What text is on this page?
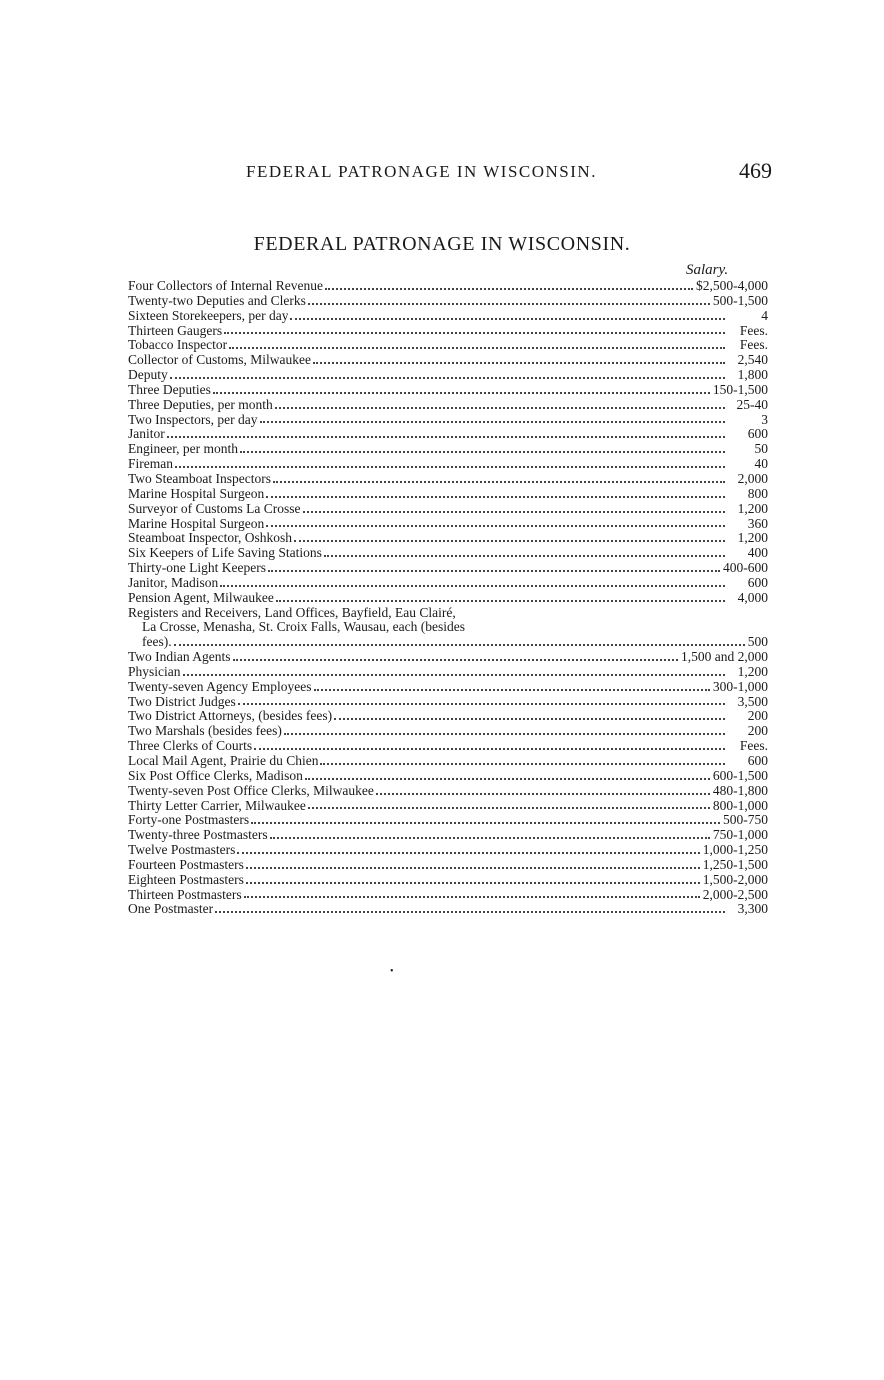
FEDERAL PATRONAGE IN WISCONSIN.	469
FEDERAL PATRONAGE IN WISCONSIN.
Salary.
Four Collectors of Internal Revenue	$2,500-4,000
Twenty-two Deputies and Clerks	500-1,500
Sixteen Storekeepers, per day	4
Thirteen Gaugers	Fees.
Tobacco Inspector	Fees.
Collector of Customs, Milwaukee	2,540
Deputy	1,800
Three Deputies	150-1,500
Three Deputies, per month	25-40
Two Inspectors, per day	3
Janitor	600
Engineer, per month	50
Fireman	40
Two Steamboat Inspectors	2,000
Marine Hospital Surgeon	800
Surveyor of Customs La Crosse	1,200
Marine Hospital Surgeon	360
Steamboat Inspector, Oshkosh	1,200
Six Keepers of Life Saving Stations	400
Thirty-one Light Keepers	400-600
Janitor, Madison	600
Pension Agent, Milwaukee	4,000
Registers and Receivers, Land Offices, Bayfield, Eau Clairé,
La Crosse, Menasha, St. Croix Falls, Wausau, each (besides
fees).	500
Two Indian Agents	1,500 and 2,000
Physician	1,200
Twenty-seven Agency Employees	300-1,000
Two District Judges	3,500
Two District Attorneys, (besides fees)	200
Two Marshals (besides fees)	200
Three Clerks of Courts	Fees.
Local Mail Agent, Prairie du Chien	600
Six Post Office Clerks, Madison	600-1,500
Twenty-seven Post Office Clerks, Milwaukee	480-1,800
Thirty Letter Carrier, Milwaukee	800-1,000
Forty-one Postmasters	500-750
Twenty-three Postmasters	750-1,000
Twelve Postmasters	1,000-1,250
Fourteen Postmasters	1,250-1,500
Eighteen Postmasters	1,500-2,000
Thirteen Postmasters	2,000-2,500
One Postmaster	3,300
•
